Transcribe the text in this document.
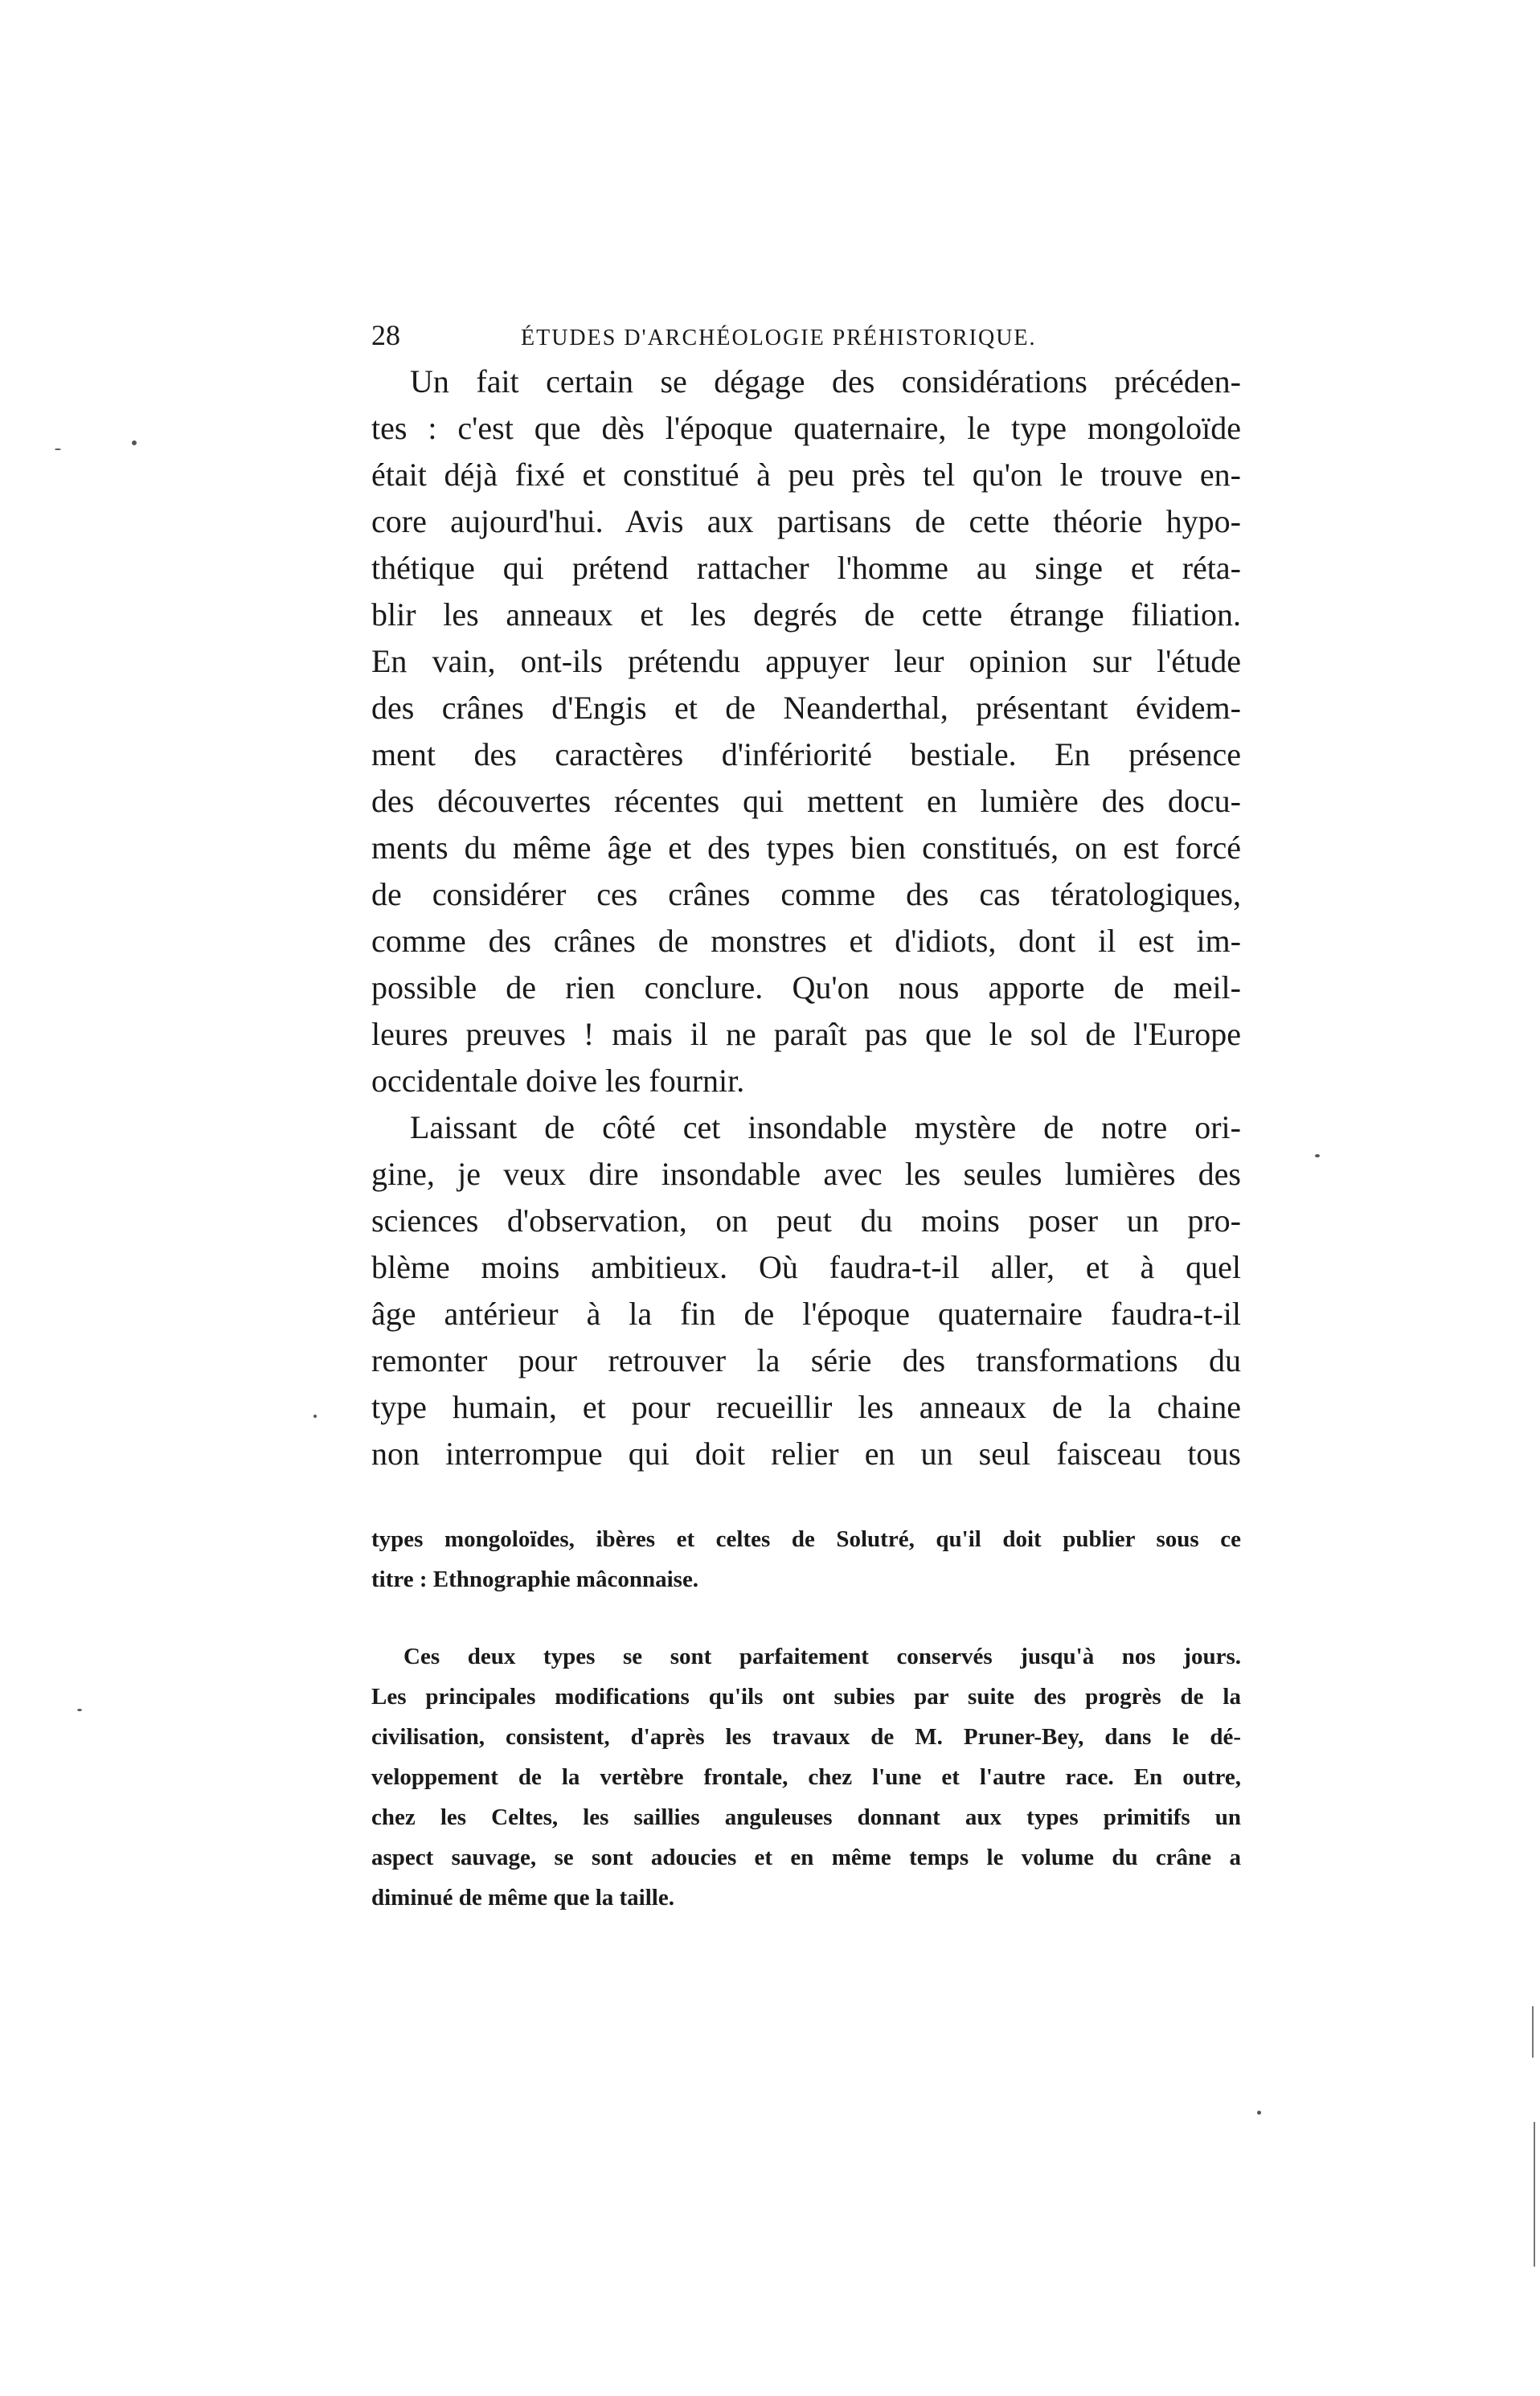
28	ÉTUDES D'ARCHÉOLOGIE PRÉHISTORIQUE.
Un fait certain se dégage des considérations précéden-
tes : c'est que dès l'époque quaternaire, le type mongoloïde
était déjà fixé et constitué à peu près tel qu'on le trouve en-
core aujourd'hui. Avis aux partisans de cette théorie hypo-
thétique qui prétend rattacher l'homme au singe et réta-
blir les anneaux et les degrés de cette étrange filiation.
En vain, ont-ils prétendu appuyer leur opinion sur l'étude
des crânes d'Engis et de Neanderthal, présentant évidem-
ment des caractères d'infériorité bestiale. En présence
des découvertes récentes qui mettent en lumière des docu-
ments du même âge et des types bien constitués, on est forcé
de considérer ces crânes comme des cas tératologiques,
comme des crânes de monstres et d'idiots, dont il est im-
possible de rien conclure. Qu'on nous apporte de meil-
leures preuves ! mais il ne paraît pas que le sol de l'Europe
occidentale doive les fournir.
Laissant de côté cet insondable mystère de notre ori-
gine, je veux dire insondable avec les seules lumières des
sciences d'observation, on peut du moins poser un pro-
blème moins ambitieux. Où faudra-t-il aller, et à quel
âge antérieur à la fin de l'époque quaternaire faudra-t-il
remonter pour retrouver la série des transformations du
type humain, et pour recueillir les anneaux de la chaine
non interrompue qui doit relier en un seul faisceau tous
types mongoloïdes, ibères et celtes de Solutré, qu'il doit publier sous ce
titre : Ethnographie mâconnaise.
Ces deux types se sont parfaitement conservés jusqu'à nos jours.
Les principales modifications qu'ils ont subies par suite des progrès de la
civilisation, consistent, d'après les travaux de M. Pruner-Bey, dans le dé-
veloppement de la vertèbre frontale, chez l'une et l'autre race. En outre,
chez les Celtes, les saillies anguleuses donnant aux types primitifs un
aspect sauvage, se sont adoucies et en même temps le volume du crâne a
diminué de même que la taille.
